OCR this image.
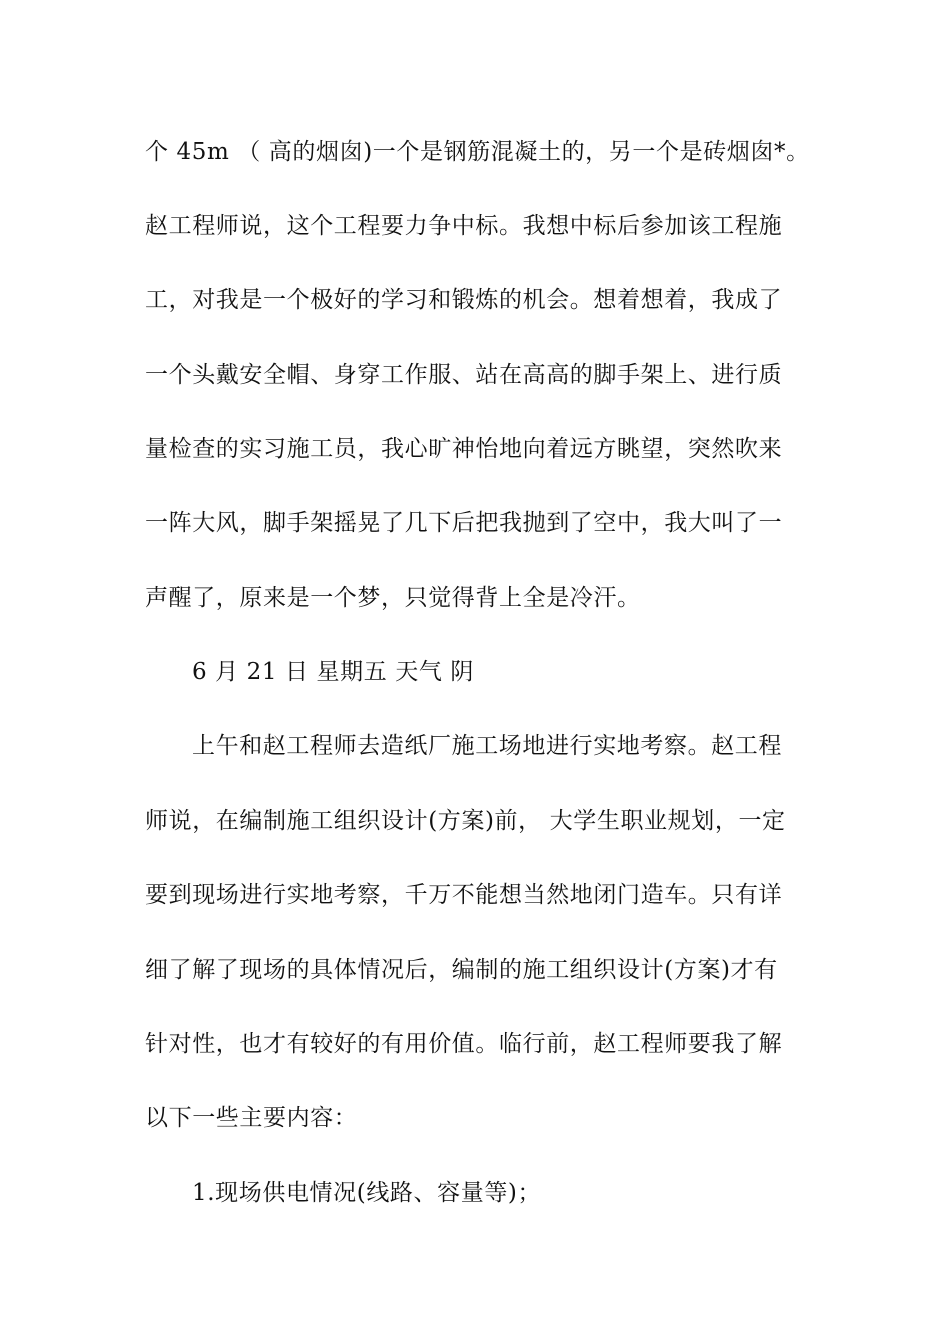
个 45m （ 高的烟囱)一个是钢筋混凝土的，另一个是砖烟囱*。
赵工程师说，这个工程要力争中标。我想中标后参加该工程施
工，对我是一个极好的学习和锻炼的机会。想着想着，我成了
一个头戴安全帽、身穿工作服、站在高高的脚手架上、进行质
量检查的实习施工员，我心旷神怡地向着远方眺望，突然吹来
一阵大风，脚手架摇晃了几下后把我抛到了空中，我大叫了一
声醒了，原来是一个梦，只觉得背上全是冷汗。
6 月 21 日 星期五 天气 阴
上午和赵工程师去造纸厂施工场地进行实地考察。赵工程
师说，在编制施工组织设计(方案)前， 大学生职业规划，一定
要到现场进行实地考察，千万不能想当然地闭门造车。只有详
细了解了现场的具体情况后，编制的施工组织设计(方案)才有
针对性，也才有较好的有用价值。临行前，赵工程师要我了解
以下一些主要内容：
1.现场供电情况(线路、容量等)；
